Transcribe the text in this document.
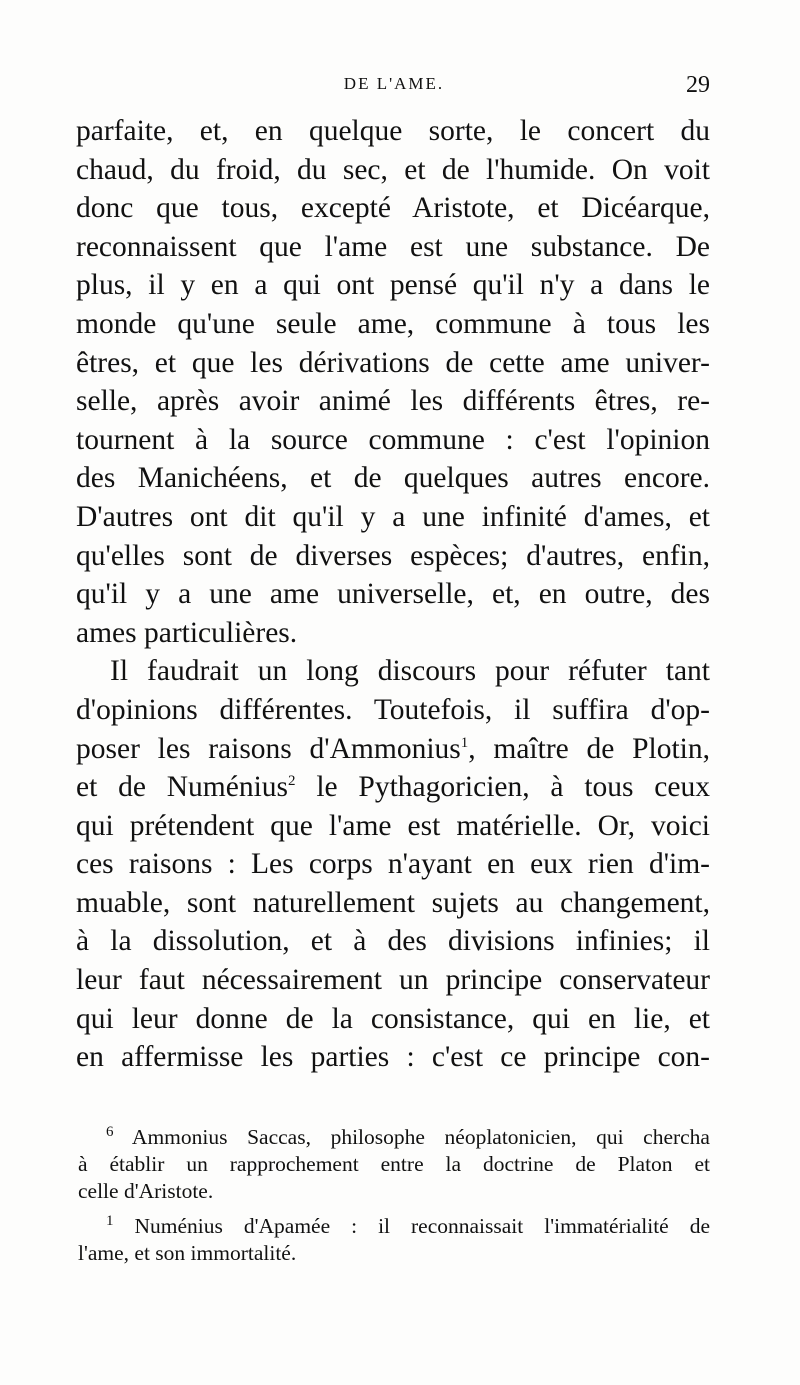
DE L'AME.	29

parfaite, et, en quelque sorte, le concert du

chaud, du froid, du sec, et de l'humide. On voit

donc que tous, excepté Aristote, et Dicéarque,

reconnaissent que l'ame est une substance. De

plus, il y en a qui ont pensé qu'il n'y a dans le

monde qu'une seule ame, commune à tous les

êtres, et que les dérivations de cette ame univer-

selle, après avoir animé les différents êtres, re-

tournent à la source commune : c'est l'opinion

des Manichéens, et de quelques autres encore.

D'autres ont dit qu'il y a une infinité d'ames, et

qu'elles sont de diverses espèces; d'autres, enfin,

qu'il y a une ame universelle, et, en outre, des

ames particulières.

Il faudrait un long discours pour réfuter tant

d'opinions différentes. Toutefois, il suffira d'op-

poser les raisons d'Ammonius$^1$, maître de Plotin,

et de Numénius$^2$ le Pythagoricien, à tous ceux

qui prétendent que l'ame est matérielle. Or, voici

ces raisons : Les corps n'ayant en eux rien d'im-

muable, sont naturellement sujets au changement,

à la dissolution, et à des divisions infinies; il

leur faut nécessairement un principe conservateur

qui leur donne de la consistance, qui en lie, et

en affermisse les parties : c'est ce principe con-

$^6$ Ammonius Saccas, philosophe néoplatonicien, qui chercha

à établir un rapprochement entre la doctrine de Platon et

celle d'Aristote.

$^1$ Numénius d'Apamée : il reconnaissait l'immatérialité de

l'ame, et son immortalité.
